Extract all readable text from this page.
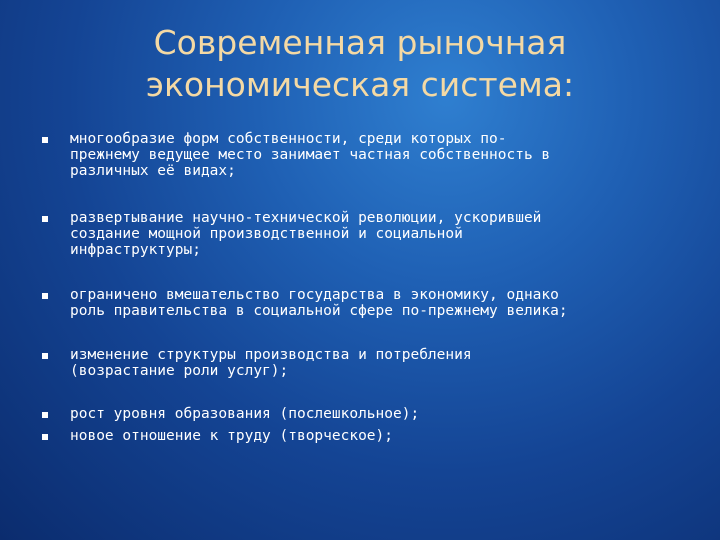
Современная рыночная
экономическая система:
многообразие форм собственности, среди которых по-
прежнему ведущее место занимает частная собственность в
различных её видах;
развертывание научно-технической революции, ускорившей
создание мощной производственной и социальной
инфраструктуры;
ограничено вмешательство государства в экономику, однако
роль правительства в социальной сфере по-прежнему велика;
изменение структуры производства и потребления
(возрастание роли услуг);
рост уровня образования (послешкольное);
новое отношение к труду (творческое);
